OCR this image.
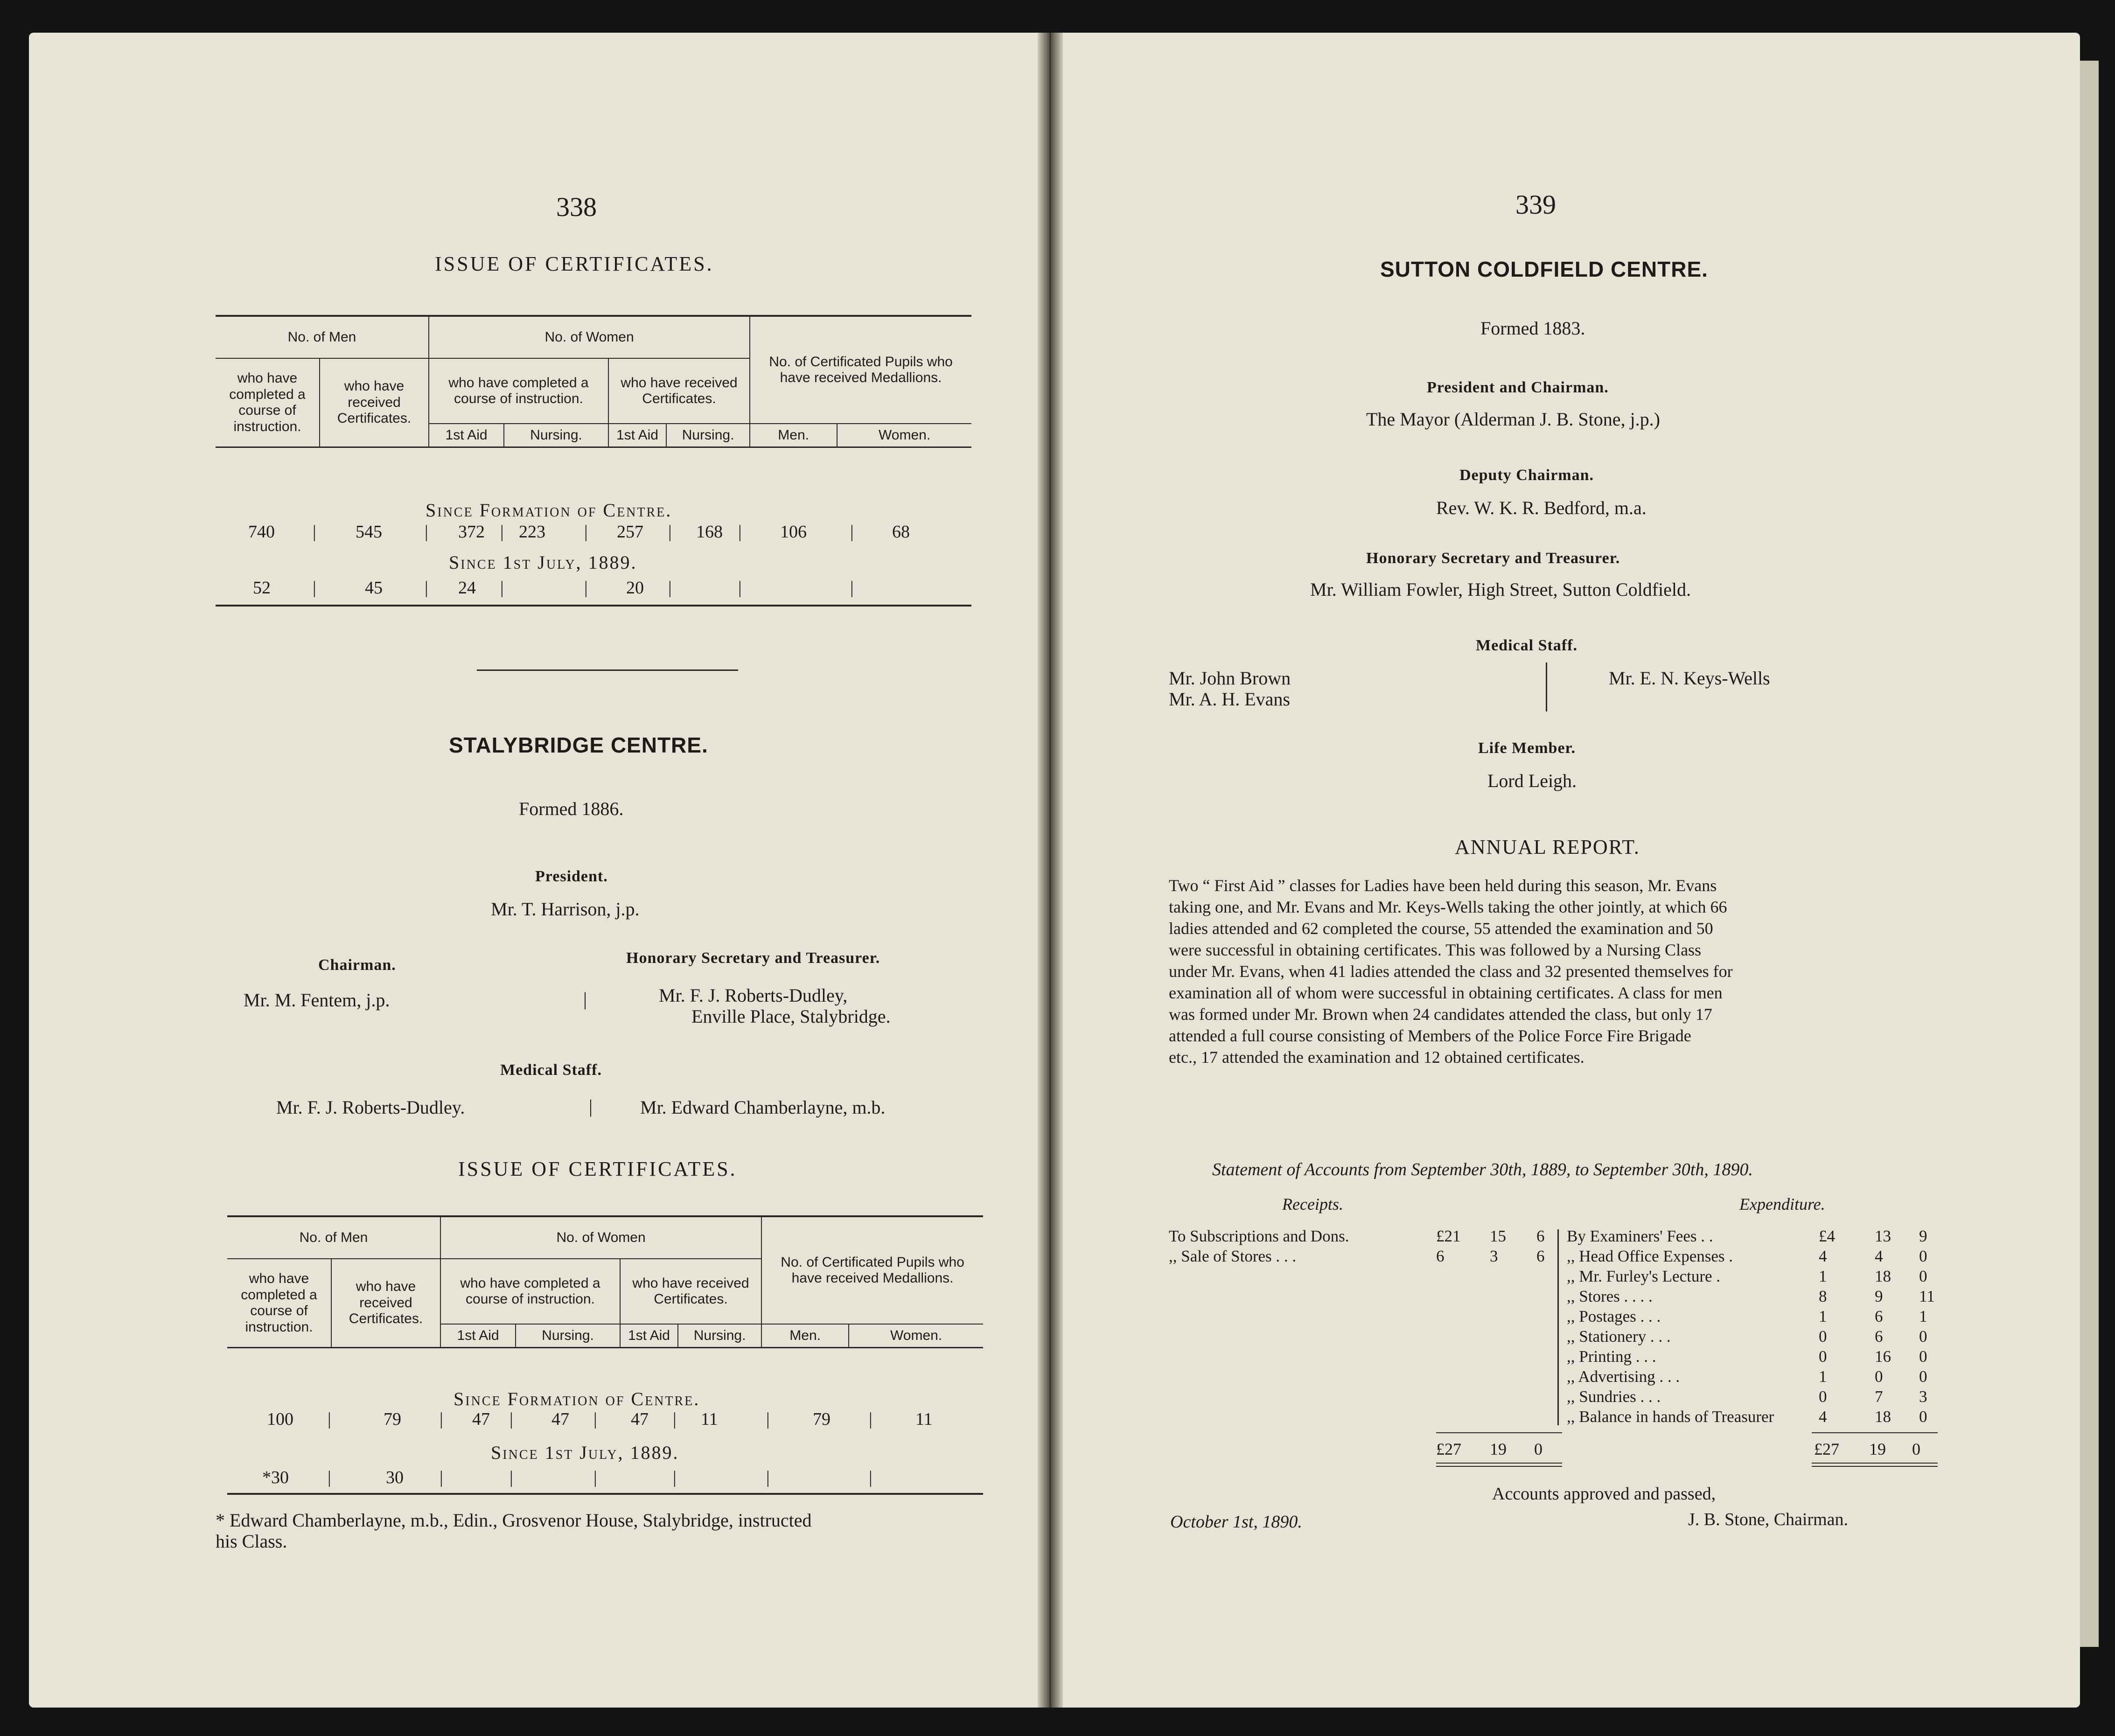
338
ISSUE OF CERTIFICATES.
No. of Men		No. of Women				No. of Certificated Pupils who have received Medallions.	
who have completed a course of instruction.	who have received Certificates.	who have completed a course of instruction.		who have received Certificates.			
		1st Aid	Nursing.	1st Aid	Nursing.	Men.	Women.
Since Formation of Centre.
740 | 545 | 372 | 223 | 257 | 168 | 106 | 68
Since 1st July, 1889.
52 |	45 | 24 |	| 20 |	|	|
STALYBRIDGE CENTRE.
Formed 1886.
President.
Mr. T. Harrison, j.p.
Chairman.	Honorary Secretary and Treasurer.
Mr. M. Fentem, j.p.	|	Mr. F. J. Roberts-Dudley,
Enville Place, Stalybridge.
Medical Staff.
Mr. F. J. Roberts-Dudley.	|	Mr. Edward Chamberlayne, m.b.
ISSUE OF CERTIFICATES.
No. of Men		No. of Women				No. of Certificated Pupils who have received Medallions.	
who have completed a course of instruction.	who have received Certificates.	who have completed a course of instruction.		who have received Certificates.			
		1st Aid	Nursing.	1st Aid	Nursing.	Men.	Women.
Since Formation of Centre.
100 |	79 | 47 | 47 | 47 | 11	| 79 | 11
Since 1st July, 1889.
*30 |	30 |	|	|	|	|	|
* Edward Chamberlayne, m.b., Edin., Grosvenor House, Stalybridge, instructed
his Class.
339
SUTTON COLDFIELD CENTRE.
Formed 1883.
President and Chairman.
The Mayor (Alderman J. B. Stone, j.p.)
Deputy Chairman.
Rev. W. K. R. Bedford, m.a.
Honorary Secretary and Treasurer.
Mr. William Fowler, High Street, Sutton Coldfield.
Medical Staff.
Mr. John Brown
Mr. A. H. Evans
Mr. E. N. Keys-Wells
Life Member.
Lord Leigh.
ANNUAL REPORT.
Two “ First Aid ” classes for Ladies have been held during this season, Mr. Evans
taking one, and Mr. Evans and Mr. Keys-Wells taking the other jointly, at which 66
ladies attended and 62 completed the course, 55 attended the examination and 50
were successful in obtaining certificates. This was followed by a Nursing Class
under Mr. Evans, when 41 ladies attended the class and 32 presented themselves for
examination all of whom were successful in obtaining certificates. A class for men
was formed under Mr. Brown when 24 candidates attended the class, but only 17
attended a full course consisting of Members of the Police Force Fire Brigade
etc., 17 attended the examination and 12 obtained certificates.
Statement of Accounts from September 30th, 1889, to September 30th, 1890.
Receipts.	Expenditure.
To Subscriptions and Dons.	£21 15 6
,, Sale of Stores . . .	6	3 6
By Examiners' Fees . .	£4 13 9
,, Head Office Expenses .	4	4 0
,, Mr. Furley's Lecture .	1	18 0
,, Stores . . . .	8	9 11
,, Postages . . .	1	6 1
,, Stationery . . .	0	6 0
,, Printing . . .	0	16 0
,, Advertising . . .	1	0 0
,, Sundries . . .	0	7 3
,, Balance in hands of Treasurer	4	18 0
£27 19 0	£27 19 0
Accounts approved and passed,
October 1st, 1890.	J. B. Stone, Chairman.
